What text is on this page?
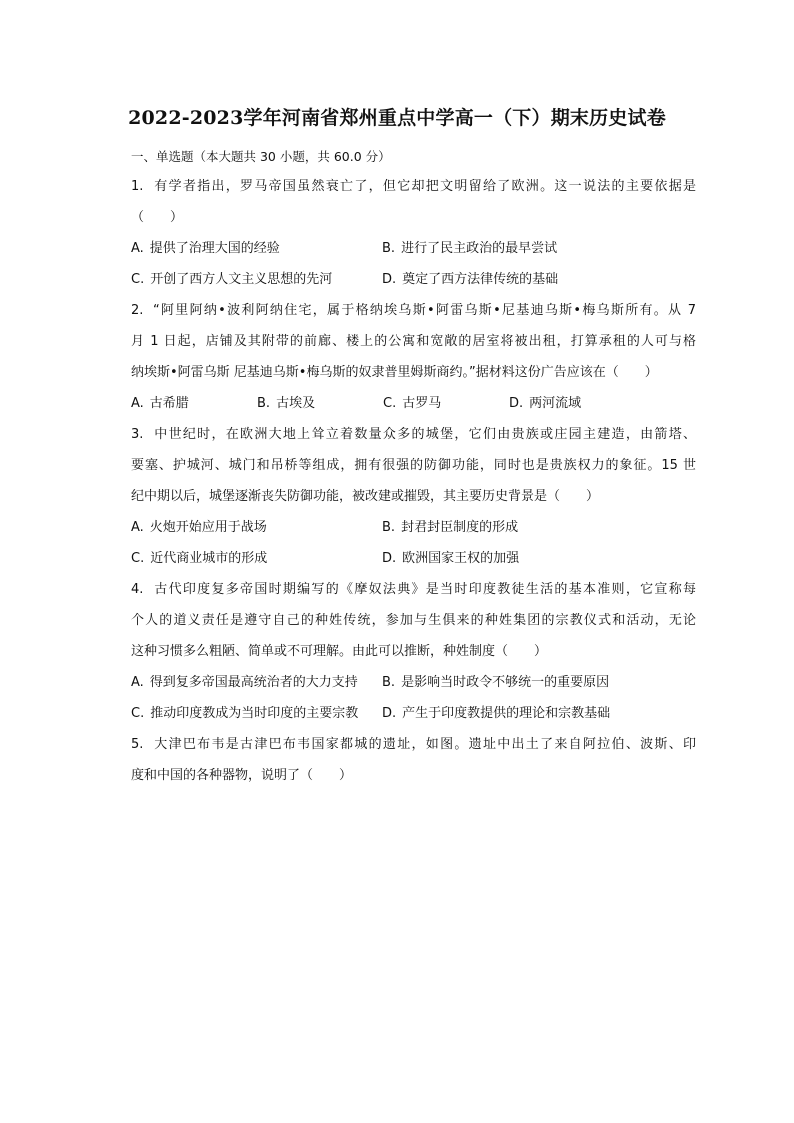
2022-2023学年河南省郑州重点中学高一（下）期末历史试卷
一、单选题（本大题共 30 小题，共 60.0 分）
1. 有学者指出，罗马帝国虽然衰亡了，但它却把文明留给了欧洲。这一说法的主要依据是
（　　）
A. 提供了治理大国的经验	B. 进行了民主政治的最早尝试
C. 开创了西方人文主义思想的先河	D. 奠定了西方法律传统的基础
2. “阿里阿纳•波利阿纳住宅，属于格纳埃乌斯•阿雷乌斯•尼基迪乌斯•梅乌斯所有。从 7
月 1 日起，店铺及其附带的前廊、楼上的公寓和宽敞的居室将被出租，打算承租的人可与格
纳埃斯•阿雷乌斯 尼基迪乌斯•梅乌斯的奴隶普里姆斯商约。”据材料这份广告应该在（　　）
A. 古希腊	B. 古埃及	C. 古罗马	D. 两河流域
3. 中世纪时，在欧洲大地上耸立着数量众多的城堡，它们由贵族或庄园主建造，由箭塔、
要塞、护城河、城门和吊桥等组成，拥有很强的防御功能，同时也是贵族权力的象征。15 世
纪中期以后，城堡逐渐丧失防御功能，被改建或摧毁，其主要历史背景是（　　）
A. 火炮开始应用于战场	B. 封君封臣制度的形成
C. 近代商业城市的形成	D. 欧洲国家王权的加强
4. 古代印度复多帝国时期编写的《摩奴法典》是当时印度教徒生活的基本准则，它宣称每
个人的道义责任是遵守自己的种姓传统，参加与生俱来的种姓集团的宗教仪式和活动，无论
这种习惯多么粗陋、简单或不可理解。由此可以推断，种姓制度（　　）
A. 得到复多帝国最高统治者的大力支持	B. 是影响当时政令不够统一的重要原因
C. 推动印度教成为当时印度的主要宗教	D. 产生于印度教提供的理论和宗教基础
5. 大津巴布韦是古津巴布韦国家都城的遗址，如图。遗址中出土了来自阿拉伯、波斯、印
度和中国的各种器物，说明了（　　）
